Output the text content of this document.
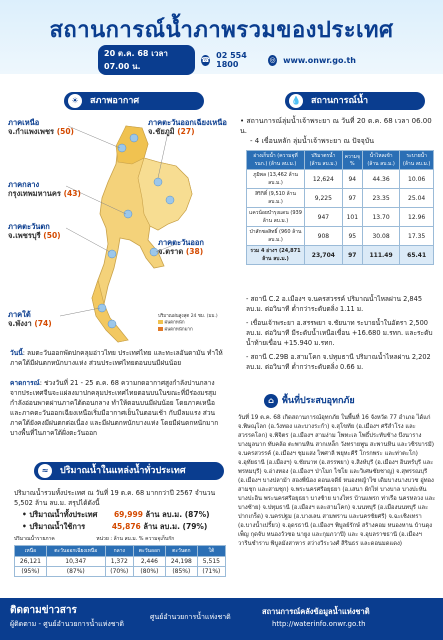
สถานการณ์น้ำภาพรวมของประเทศ
20 ต.ค. 68 เวลา 07.00 น.
☎ 02 554 1800
◎ www.onwr.go.th
☀	สภาพอากาศ
ภาคเหนือ
จ.กำแพงเพชร (50)
ภาคตะวันออกเฉียงเหนือ
จ.ชัยภูมิ (27)
ภาคกลาง
กรุงเทพมหานคร (43)
ภาคตะวันตก
จ.เพชรบุรี (50)
ภาคตะวันออก
จ.ตราด (38)
ภาคใต้
จ.พังงา (74)
ปริมาณฝนสูงสุด 24 ชม. (มม.)
ฝนตกหนัก
ฝนตกหนักมาก
วันนี้: ลมตะวันออกพัดปกคลุมอ่าวไทย ประเทศไทย และทะเลอันดามัน ทำให้ภาคใต้มีฝนตกหนักบางแห่ง ส่วนประเทศไทยตอนบนมีฝนน้อย
คาดการณ์: ช่วงวันที่ 21 - 25 ต.ค. 68 ความกดอากาศสูงกำลังปานกลางจากประเทศจีนจะแผ่ลงมาปกคลุมประเทศไทยตอนบนในขณะที่มีร่องมรสุมกำลังอ่อนพาดผ่านภาคใต้ตอนกลาง ทำให้ตอนบนมีฝนน้อย โดยภาคเหนือ และภาคตะวันออกเฉียงเหนือเริ่มมีอากาศเย็นในตอนเช้า กับมีลมแรง ส่วนภาคใต้ยังคงมีฝนตกต่อเนื่อง และมีฝนตกหนักบางแห่ง โดยมีฝนตกหนักมากบางพื้นที่ในภาคใต้ฝั่งตะวันออก
💧 สถานการณ์น้ำ
• สถานการณ์ลุ่มน้ำเจ้าพระยา ณ วันที่ 20 ต.ค. 68 เวลา 06.00 น.
- 4 เขื่อนหลัก ลุ่มน้ำเจ้าพระยา ณ ปัจจุบัน
อ่างเก็บน้ำ (ความจุที่ รนก.) (ล้าน ลบ.ม.)	ปริมาตรน้ำ (ล้าน ลบ.ม.)	ความจุ %	น้ำไหลเข้า (ล้าน ลบ.ม.)	ระบายน้ำ (ล้าน ลบ.ม.)
ภูมิพล (13,462 ล้าน ลบ.ม.)	12,624	94	44.36	10.06
สิริกิติ์ (9,510 ล้าน ลบ.ม.)	9,225	97	23.35	25.04
แควน้อยบำรุงแดน (939 ล้าน ลบ.ม.)	947	101	13.70	12.96
ป่าสักชลสิทธิ์ (960 ล้าน ลบ.ม.)	908	95	30.08	17.35
รวม 4 อ่างฯ (24,871 ล้าน ลบ.ม.)	23,704	97	111.49	65.41
- สถานี C.2 อ.เมืองฯ จ.นครสวรรค์ ปริมาณน้ำไหลผ่าน 2,845 ลบ.ม. ต่อวินาที ต่ำกว่าระดับตลิ่ง 1.11 ม.
- เขื่อนเจ้าพระยา อ.สรรพยา จ.ชัยนาท ระบายน้ำในอัตรา 2,500 ลบ.ม. ต่อวินาที มีระดับน้ำเหนือเขื่อน +16.680 ม.รทก. และระดับน้ำท้ายเขื่อน +15.940 ม.รทก.
- สถานี C.29B อ.สามโคก จ.ปทุมธานี ปริมาณน้ำไหลผ่าน 2,202 ลบ.ม. ต่อวินาที ต่ำกว่าระดับตลิ่ง 0.66 ม.
⌂ พื้นที่ประสบอุทกภัย
วันที่ 19 ต.ค. 68 เกิดสถานการณ์อุทกภัย ในพื้นที่ 16 จังหวัด 77 อำเภอ ได้แก่ จ.พิษณุโลก (อ.วังทอง และบางระกำ) จ.สุโขทัย (อ.เมืองฯ ศรีสำโรง และสวรรคโลก) จ.พิจิตร (อ.เมืองฯ สามง่าม โพทะเล โพธิ์ประทับช้าง บึงนาราง บางมูลนาก ทับคล้อ ตะพานหิน สากเหล็ก วังทรายพูน สะพานหิน และวชิรบารมี) จ.นครสวรรค์ (อ.เมืองฯ ชุมแสง ไพศาลี พยุหะคีรี โกรกพระ และท่าตะโก) จ.อุทัยธานี (อ.เมืองฯ) จ.ชัยนาท (อ.สรรพยา) จ.สิงห์บุรี (อ.เมืองฯ อินทร์บุรี และพรหมบุรี) จ.อ่างทอง (อ.เมืองฯ ป่าโมก ไชโย และวิเศษชัยชาญ) จ.สุพรรณบุรี (อ.เมืองฯ บางปลาม้า สองพี่น้อง ดอนเจดีย์ หนองหญ้าไซ เดิมบางนางบวช อู่ทอง สามชุก และสามชุก) จ.พระนครศรีอยุธยา (อ.เสนา ผักไห่ บางบาล บางปะหัน บางปะอิน พระนครศรีอยุธยา บางซ้าย บางไทร บ้านแพรก ท่าเรือ นครหลวง และบางซ้าย) จ.ปทุมธานี (อ.เมืองฯ และสามโคก) จ.นนทบุรี (อ.เมืองนนทบุรี และปากเกร็ด) จ.นครปฐม (อ.บางเลน สามพราน และนครชัยศรี) จ.ฉะเชิงเทรา (อ.บางน้ำเปรี้ยว) จ.อุดรธานี (อ.เมืองฯ พิบูลย์รักษ์ สร้างคอม หนองหาน บ้านดุง เพ็ญ กุดจับ หนองวัวซอ นายูง และกุมภวาปี) และ จ.อุบลราชธานี (อ.เมืองฯ วารินชำราบ พิบูลมังสาหาร สว่างวีระวงศ์ สิรินธร และดอนมดแดง)
≈	ปริมาณน้ำในแหล่งน้ำทั่วประเทศ
ปริมาณน้ำรวมทั้งประเทศ ณ วันที่ 19 ต.ค. 68 มากกว่าปี 2567 จำนวน 5,502 ล้าน ลบ.ม. สรุปได้ดังนี้
• ปริมาณน้ำทั้งประเทศ 69,999 ล้าน ลบ.ม. (87%)
• ปริมาณน้ำใช้การ	45,876 ล้าน ลบ.ม. (79%)
ปริมาณน้ำรายภาค	หน่วย : ล้าน ลบ.ม. % ความจุเก็บกัก
เหนือ	ตะวันออกเฉียงเหนือ	กลาง	ตะวันออก	ตะวันตก	ใต้
26,121	10,347	1,372	2,446	24,198	5,515
(95%)	(87%)	(70%)	(80%)	(85%)	(71%)
ติดตามข่าวสาร
ผู้ติดตาม - ศูนย์อำนวยการน้ำแห่งชาติ
ศูนย์อำนวยการน้ำแห่งชาติ
สถานการณ์คลังข้อมูลน้ำแห่งชาติ
http://waterinfo.onwr.go.th
